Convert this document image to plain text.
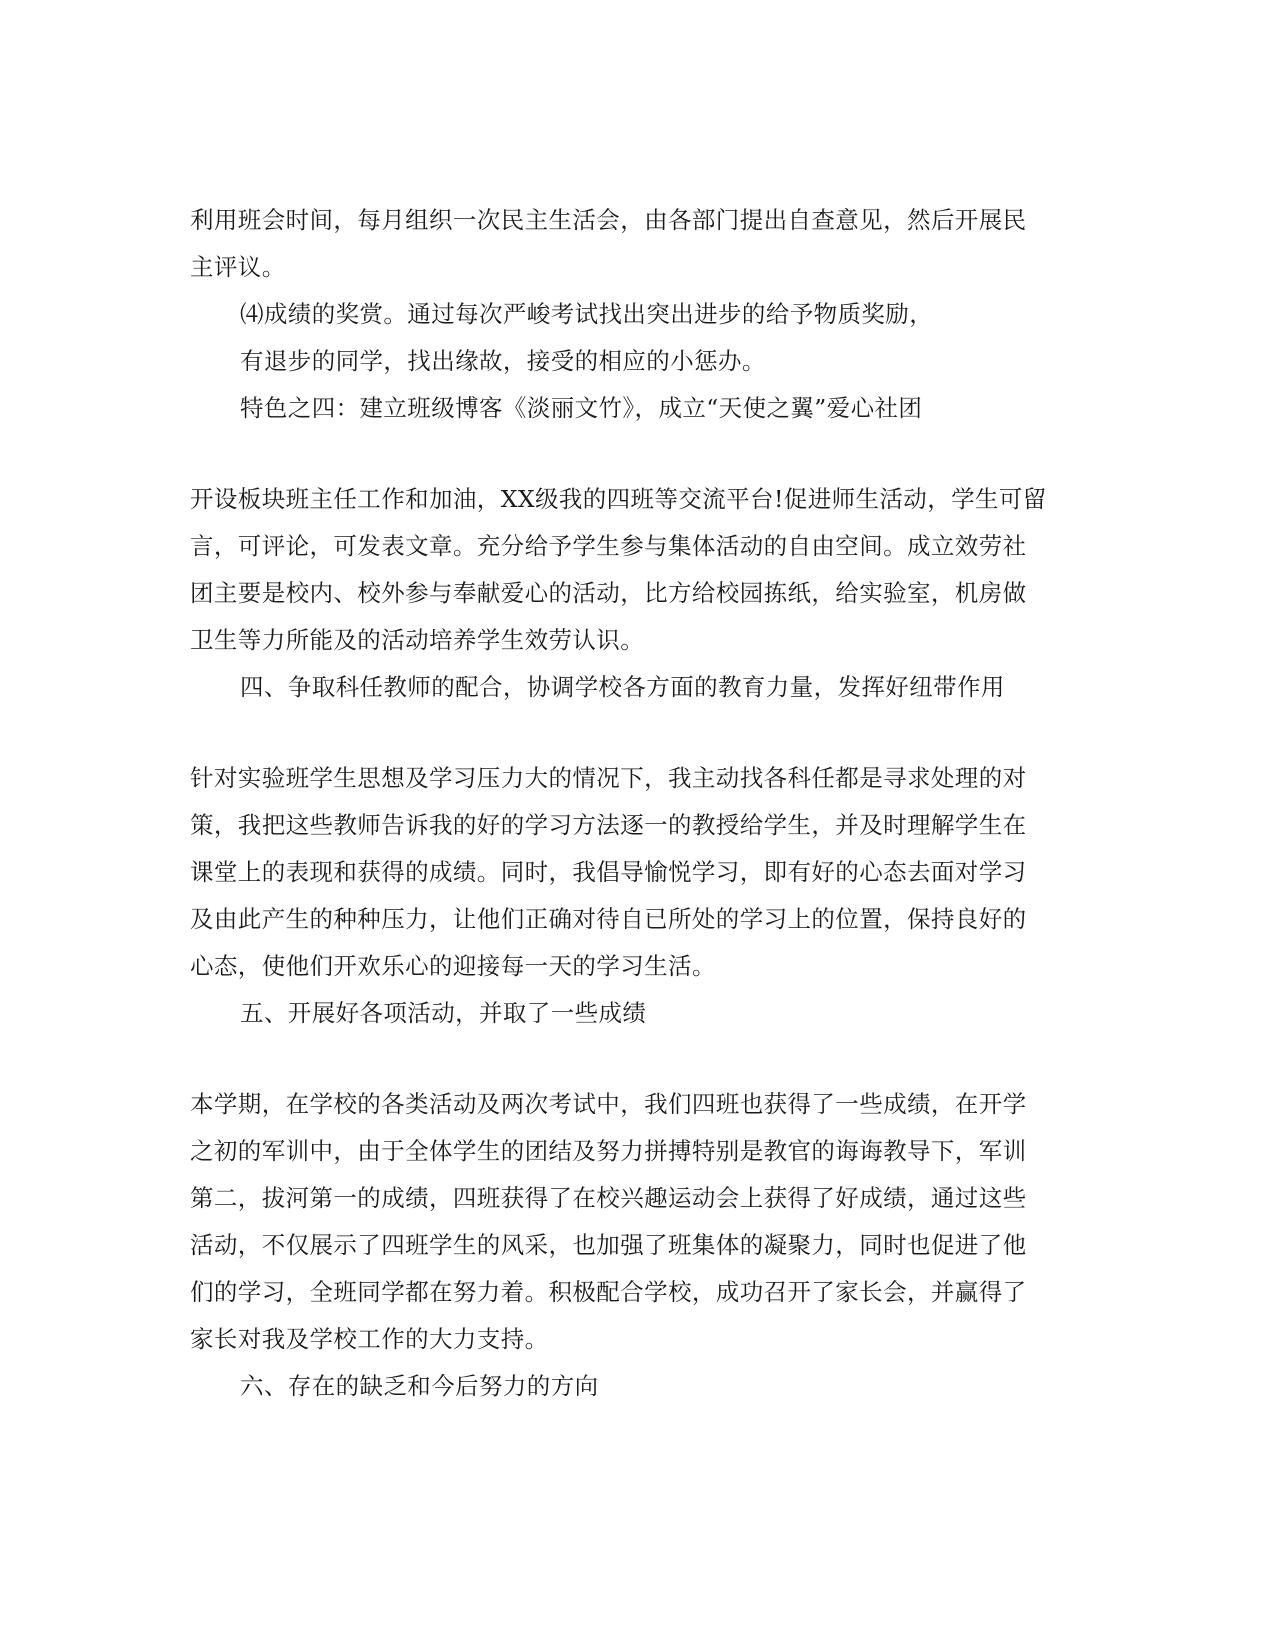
利用班会时间，每月组织一次民主生活会，由各部门提出自查意见，然后开展民
主评议。
⑷成绩的奖赏。通过每次严峻考试找出突出进步的给予物质奖励，
有退步的同学，找出缘故，接受的相应的小惩办。
特色之四：建立班级博客《淡丽文竹》，成立“天使之翼”爱心社团
开设板块班主任工作和加油，XX级我的四班等交流平台!促进师生活动，学生可留
言，可评论，可发表文章。充分给予学生参与集体活动的自由空间。成立效劳社
团主要是校内、校外参与奉献爱心的活动，比方给校园拣纸，给实验室，机房做
卫生等力所能及的活动培养学生效劳认识。
四、争取科任教师的配合，协调学校各方面的教育力量，发挥好纽带作用
针对实验班学生思想及学习压力大的情况下，我主动找各科任都是寻求处理的对
策，我把这些教师告诉我的好的学习方法逐一的教授给学生，并及时理解学生在
课堂上的表现和获得的成绩。同时，我倡导愉悦学习，即有好的心态去面对学习
及由此产生的种种压力，让他们正确对待自已所处的学习上的位置，保持良好的
心态，使他们开欢乐心的迎接每一天的学习生活。
五、开展好各项活动，并取了一些成绩
本学期，在学校的各类活动及两次考试中，我们四班也获得了一些成绩，在开学
之初的军训中，由于全体学生的团结及努力拼搏特别是教官的诲诲教导下，军训
第二，拔河第一的成绩，四班获得了在校兴趣运动会上获得了好成绩，通过这些
活动，不仅展示了四班学生的风采，也加强了班集体的凝聚力，同时也促进了他
们的学习，全班同学都在努力着。积极配合学校，成功召开了家长会，并赢得了
家长对我及学校工作的大力支持。
六、存在的缺乏和今后努力的方向
